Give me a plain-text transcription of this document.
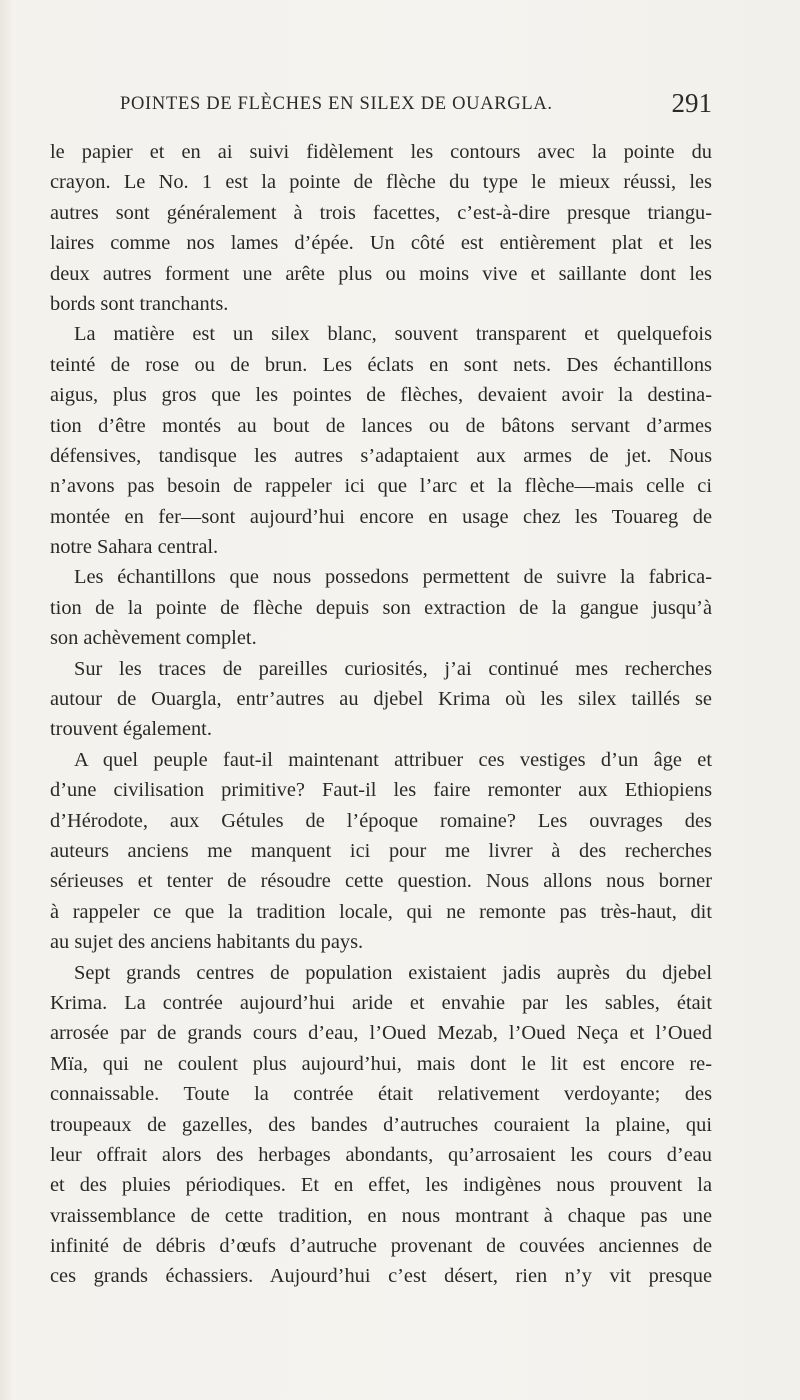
POINTES DE FLÈCHES EN SILEX DE OUARGLA.	291
le papier et en ai suivi fidèlement les contours avec la pointe du
crayon. Le No. 1 est la pointe de flèche du type le mieux réussi, les
autres sont généralement à trois facettes, c’est-à-dire presque triangu-
laires comme nos lames d’épée. Un côté est entièrement plat et les
deux autres forment une arête plus ou moins vive et saillante dont les
bords sont tranchants.
La matière est un silex blanc, souvent transparent et quelquefois
teinté de rose ou de brun. Les éclats en sont nets. Des échantillons
aigus, plus gros que les pointes de flèches, devaient avoir la destina-
tion d’être montés au bout de lances ou de bâtons servant d’armes
défensives, tandisque les autres s’adaptaient aux armes de jet. Nous
n’avons pas besoin de rappeler ici que l’arc et la flèche—mais celle ci
montée en fer—sont aujourd’hui encore en usage chez les Touareg de
notre Sahara central.
Les échantillons que nous possedons permettent de suivre la fabrica-
tion de la pointe de flèche depuis son extraction de la gangue jusqu’à
son achèvement complet.
Sur les traces de pareilles curiosités, j’ai continué mes recherches
autour de Ouargla, entr’autres au djebel Krima où les silex taillés se
trouvent également.
A quel peuple faut-il maintenant attribuer ces vestiges d’un âge et
d’une civilisation primitive? Faut-il les faire remonter aux Ethiopiens
d’Hérodote, aux Gétules de l’époque romaine? Les ouvrages des
auteurs anciens me manquent ici pour me livrer à des recherches
sérieuses et tenter de résoudre cette question. Nous allons nous borner
à rappeler ce que la tradition locale, qui ne remonte pas très-haut, dit
au sujet des anciens habitants du pays.
Sept grands centres de population existaient jadis auprès du djebel
Krima. La contrée aujourd’hui aride et envahie par les sables, était
arrosée par de grands cours d’eau, l’Oued Mezab, l’Oued Neça et l’Oued
Mïa, qui ne coulent plus aujourd’hui, mais dont le lit est encore re-
connaissable. Toute la contrée était relativement verdoyante; des
troupeaux de gazelles, des bandes d’autruches couraient la plaine, qui
leur offrait alors des herbages abondants, qu’arrosaient les cours d’eau
et des pluies périodiques. Et en effet, les indigènes nous prouvent la
vraissemblance de cette tradition, en nous montrant à chaque pas une
infinité de débris d’œufs d’autruche provenant de couvées anciennes de
ces grands échassiers. Aujourd’hui c’est désert, rien n’y vit presque
